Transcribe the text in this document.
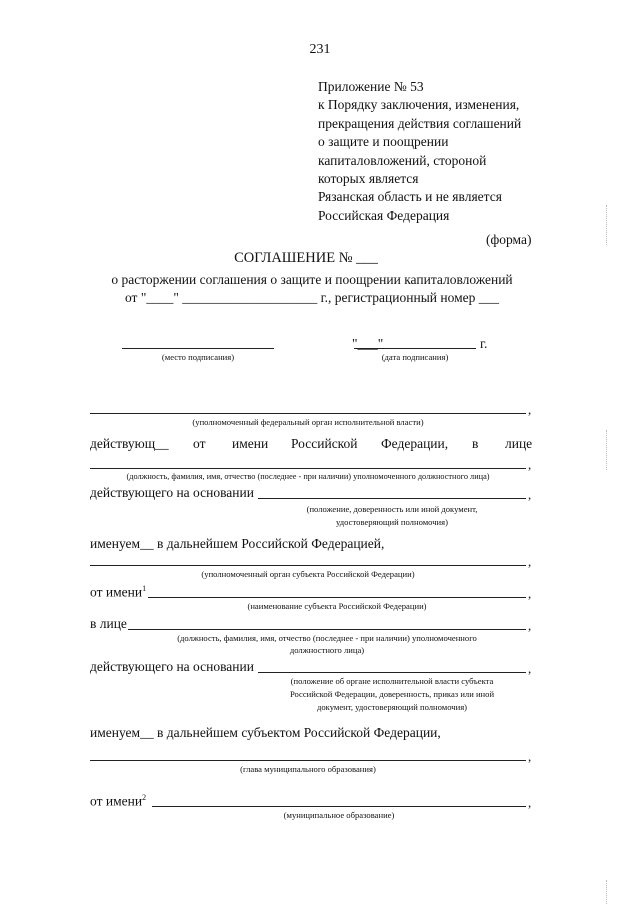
231
Приложение № 53
к Порядку заключения, изменения,
прекращения действия соглашений
о защите и поощрении
капиталовложений, стороной
которых является
Рязанская область и не является
Российская Федерация
(форма)
СОГЛАШЕНИЕ № ___
о расторжении соглашения о защите и поощрении капиталовложений
от "____" ____________________ г., регистрационный номер ___
(место подписания)
"___"	г.
(дата подписания)
,
(уполномоченный федеральный орган исполнительной власти)
действующ__ от имени Российской Федерации, в лице
,
(должность, фамилия, имя, отчество (последнее - при наличии) уполномоченного должностного лица)
действующего на основании	,
(положение, доверенность или иной документ,
удостоверяющий полномочия)
именуем__ в дальнейшем Российской Федерацией,
,
(уполномоченный орган субъекта Российской Федерации)
от имени$^1$	,
(наименование субъекта Российской Федерации)
в лице	,
(должность, фамилия, имя, отчество (последнее - при наличии) уполномоченного
должностного лица)
действующего на основании	,
(положение об органе исполнительной власти субъекта
Российской Федерации, доверенность, приказ или иной
документ, удостоверяющий полномочия)
именуем__ в дальнейшем субъектом Российской Федерации,
,
(глава муниципального образования)
от имени$^2$	,
(муниципальное образование)
